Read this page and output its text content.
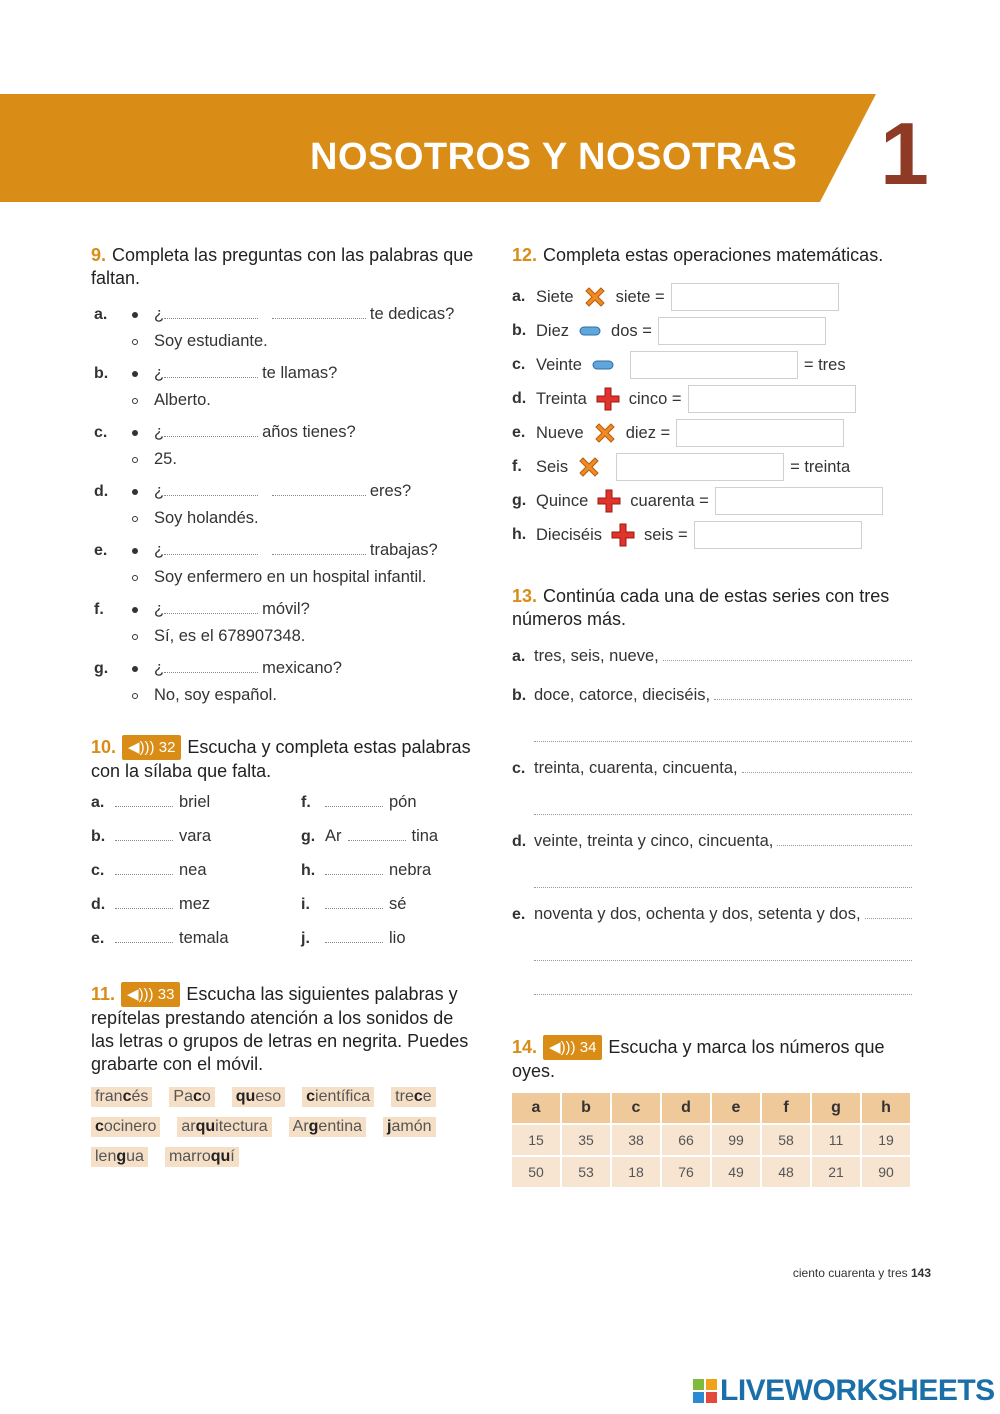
NOSOTROS Y NOSOTRAS 1
9. Completa las preguntas con las palabras que faltan.
a.	¿	te dedicas?
Soy estudiante.
b.	¿	te llamas?
Alberto.
c.	¿	años tienes?
25.
d.	¿	eres?
Soy holandés.
e.	¿	trabajas?
Soy enfermero en un hospital infantil.
f.	¿	móvil?
Sí, es el 678907348.
g.	¿	mexicano?
No, soy español.
10. ◀))) 32 Escucha y completa estas palabras con la sílaba que falta.
a.	briel	f.	pón
b.	vara	g. Ar	tina
c.	nea	h.	nebra
d.	mez	i.	sé
e.	temala	j.	lio
11. ◀))) 33 Escucha las siguientes palabras y repítelas prestando atención a los sonidos de las letras o grupos de letras en negrita. Puedes grabarte con el móvil.
francés Paco queso científica trece
cocinero arquitectura Argentina jamón
lengua marroquí
12. Completa estas operaciones matemáticas.
a. Siete	siete =
b. Diez	dos =
c. Veinte	= tres
d. Treinta	cinco =
e. Nueve	diez =
f. Seis	= treinta
g. Quince	cuarenta =
h. Dieciséis	seis =
13. Continúa cada una de estas series con tres números más.
a. tres, seis, nueve,
b. doce, catorce, dieciséis,
c. treinta, cuarenta, cincuenta,
d. veinte, treinta y cinco, cincuenta,
e. noventa y dos, ochenta y dos, setenta y dos,
14. ◀))) 34 Escucha y marca los números que oyes.
a	b	c	d	e	f	g	h
15	35	38	66	99	58	11	19
50	53	18	76	49	48	21	90
ciento cuarenta y tres 143
LIVEWORKSHEETS
